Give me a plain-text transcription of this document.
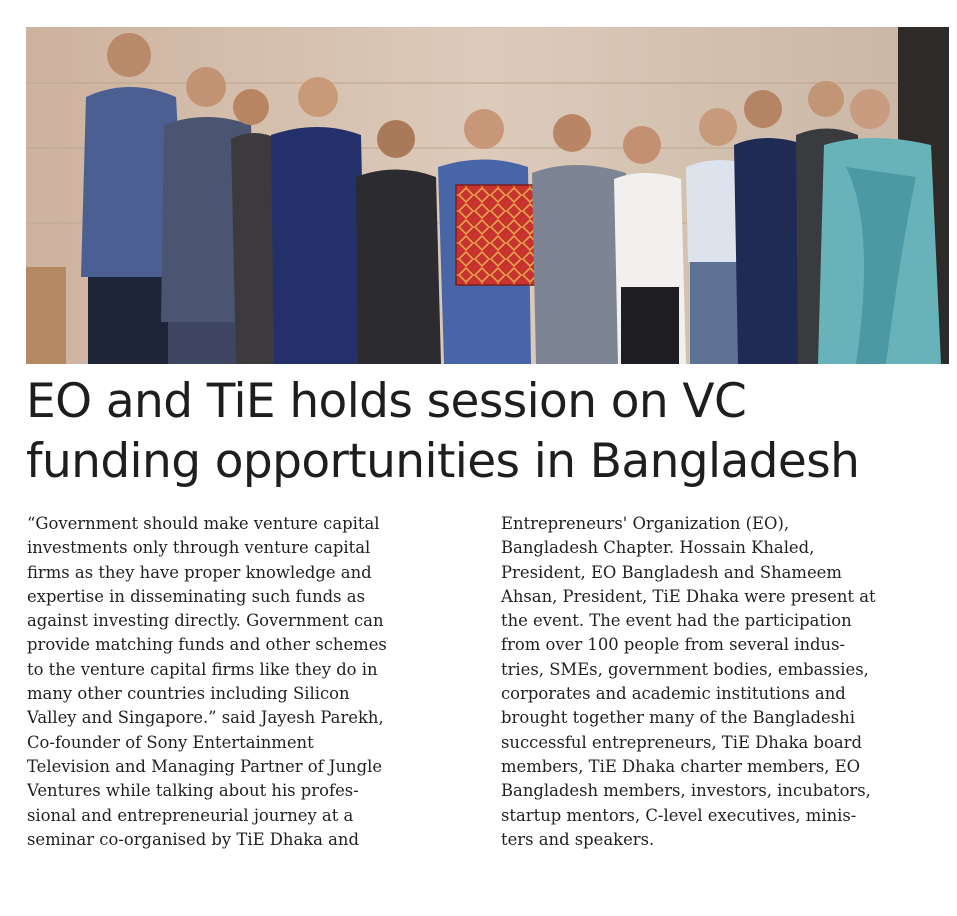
EO and TiE holds session on VC
funding opportunities in Bangladesh
“Government should make venture capital
investments only through venture capital
firms as they have proper knowledge and
expertise in disseminating such funds as
against investing directly. Government can
provide matching funds and other schemes
to the venture capital firms like they do in
many other countries including Silicon
Valley and Singapore.” said Jayesh Parekh,
Co-founder of Sony Entertainment
Television and Managing Partner of Jungle
Ventures while talking about his profes-
sional and entrepreneurial journey at a
seminar co-organised by TiE Dhaka and
Entrepreneurs' Organization (EO),
Bangladesh Chapter. Hossain Khaled,
President, EO Bangladesh and Shameem
Ahsan, President, TiE Dhaka were present at
the event. The event had the participation
from over 100 people from several indus-
tries, SMEs, government bodies, embassies,
corporates and academic institutions and
brought together many of the Bangladeshi
successful entrepreneurs, TiE Dhaka board
members, TiE Dhaka charter members, EO
Bangladesh members, investors, incubators,
startup mentors, C-level executives, minis-
ters and speakers.
